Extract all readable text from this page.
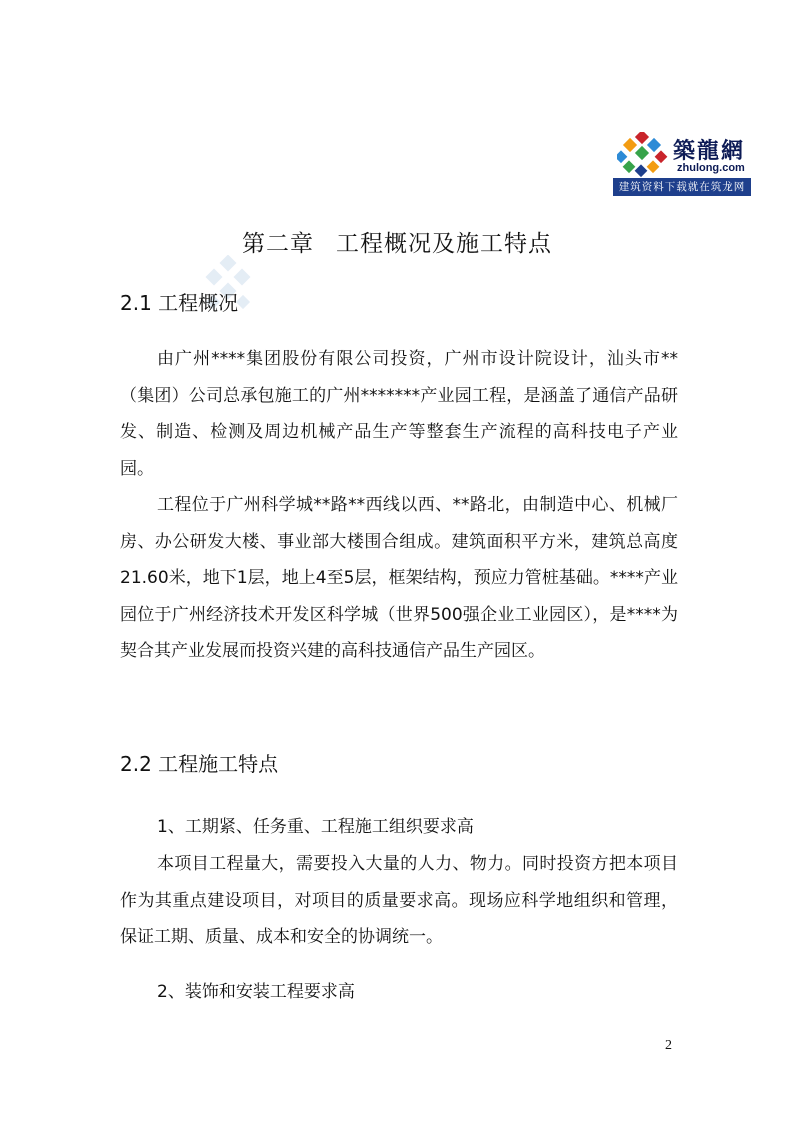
築龍網
zhulong.com
建筑资料下载就在筑龙网
第二章 工程概况及施工特点
2.1 工程概况

由广州****集团股份有限公司投资，广州市设计院设计，汕头市**（集团）公司总承包施工的广州*******产业园工程，是涵盖了通信产品研发、制造、检测及周边机械产品生产等整套生产流程的高科技电子产业园。

工程位于广州科学城**路**西线以西、**路北，由制造中心、机械厂房、办公研发大楼、事业部大楼围合组成。建筑面积平方米，建筑总高度21.60米，地下1层，地上4至5层，框架结构，预应力管桩基础。****产业园位于广州经济技术开发区科学城（世界500强企业工业园区），是****为契合其产业发展而投资兴建的高科技通信产品生产园区。

2.2 工程施工特点
1、工期紧、任务重、工程施工组织要求高

本项目工程量大，需要投入大量的人力、物力。同时投资方把本项目作为其重点建设项目，对项目的质量要求高。现场应科学地组织和管理，保证工期、质量、成本和安全的协调统一。

2、装饰和安装工程要求高
2
